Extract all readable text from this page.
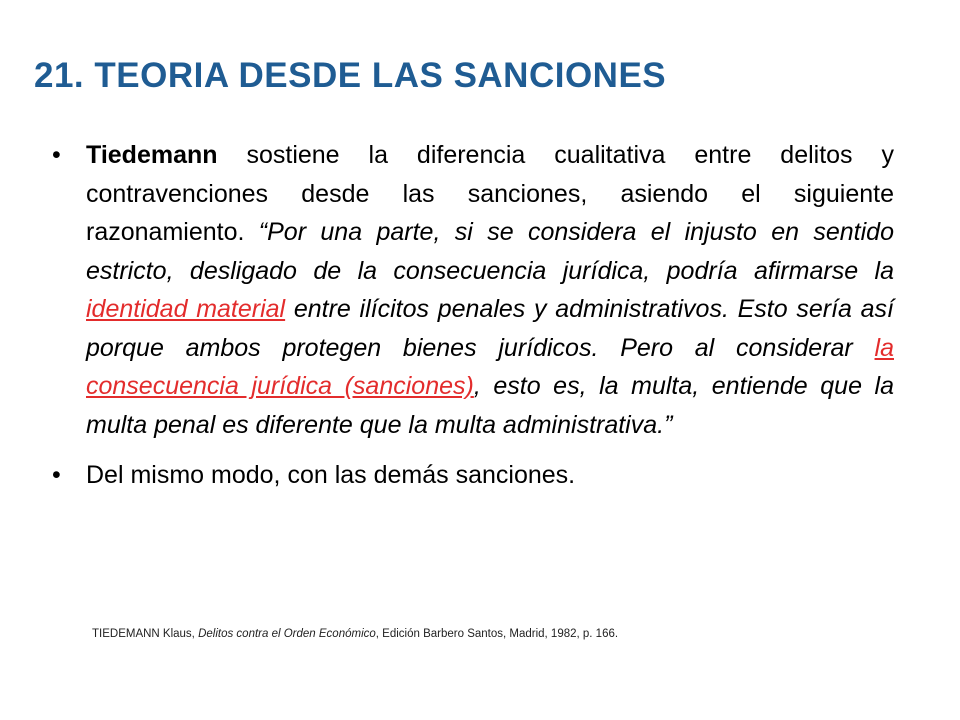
21. TEORIA DESDE LAS SANCIONES
• Tiedemann sostiene la diferencia cualitativa entre delitos y contravenciones desde las sanciones, asiendo el siguiente razonamiento. “Por una parte, si se considera el injusto en sentido estricto, desligado de la consecuencia jurídica, podría afirmarse la identidad material entre ilícitos penales y administrativos. Esto sería así porque ambos protegen bienes jurídicos. Pero al considerar la consecuencia jurídica (sanciones), esto es, la multa, entiende que la multa penal es diferente que la multa administrativa.”
• Del mismo modo, con las demás sanciones.

TIEDEMANN Klaus, Delitos contra el Orden Económico, Edición Barbero Santos, Madrid, 1982, p. 166.
